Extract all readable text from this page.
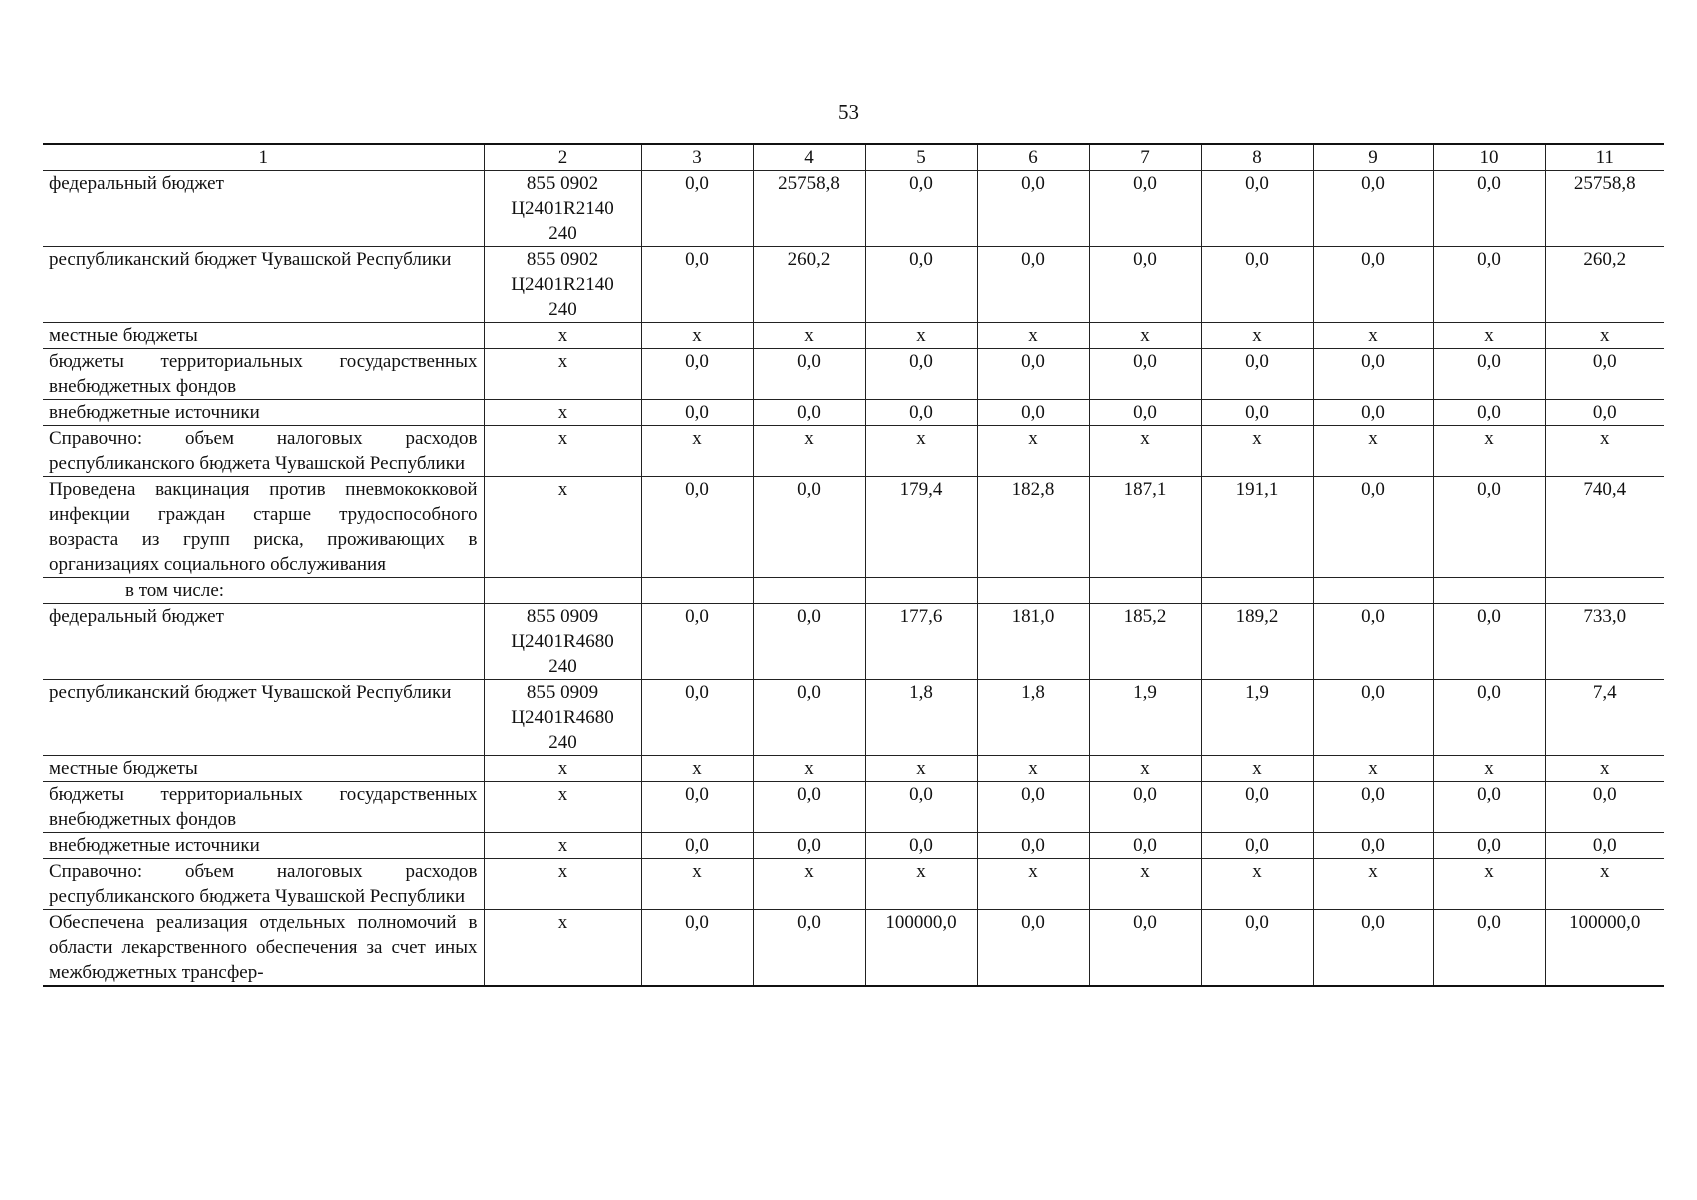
53
1	2	3	4	5	6	7	8	9	10	11
федеральный бюджет	855 0902
Ц2401R2140
240	0,0	25758,8	0,0	0,0	0,0	0,0	0,0	0,0	25758,8
республиканский бюджет Чувашской Республики	855 0902
Ц2401R2140
240	0,0	260,2	0,0	0,0	0,0	0,0	0,0	0,0	260,2
местные бюджеты	х	х	х	х	х	х	х	х	х	х
бюджеты территориальных государственных внебюджетных фондов	х	0,0	0,0	0,0	0,0	0,0	0,0	0,0	0,0	0,0
внебюджетные источники	х	0,0	0,0	0,0	0,0	0,0	0,0	0,0	0,0	0,0
Справочно: объем налоговых расходов республиканского бюджета Чувашской Республики	х	х	х	х	х	х	х	х	х	х
Проведена вакцинация против пневмококковой инфекции граждан старше трудоспособного возраста из групп риска, проживающих в организациях социального обслуживания	х	0,0	0,0	179,4	182,8	187,1	191,1	0,0	0,0	740,4
в том числе:	

федеральный бюджет	855 0909
Ц2401R4680
240	0,0	0,0	177,6	181,0	185,2	189,2	0,0	0,0	733,0
республиканский бюджет Чувашской Республики	855 0909
Ц2401R4680
240	0,0	0,0	1,8	1,8	1,9	1,9	0,0	0,0	7,4
местные бюджеты	х	х	х	х	х	х	х	х	х	х
бюджеты территориальных государственных внебюджетных фондов	х	0,0	0,0	0,0	0,0	0,0	0,0	0,0	0,0	0,0
внебюджетные источники	х	0,0	0,0	0,0	0,0	0,0	0,0	0,0	0,0	0,0
Справочно: объем налоговых расходов республиканского бюджета Чувашской Республики	х	х	х	х	х	х	х	х	х	х
Обеспечена реализация отдельных полномочий в области лекарственного обеспечения за счет иных межбюджетных трансфер-	х	0,0	0,0	100000,0	0,0	0,0	0,0	0,0	0,0	100000,0
